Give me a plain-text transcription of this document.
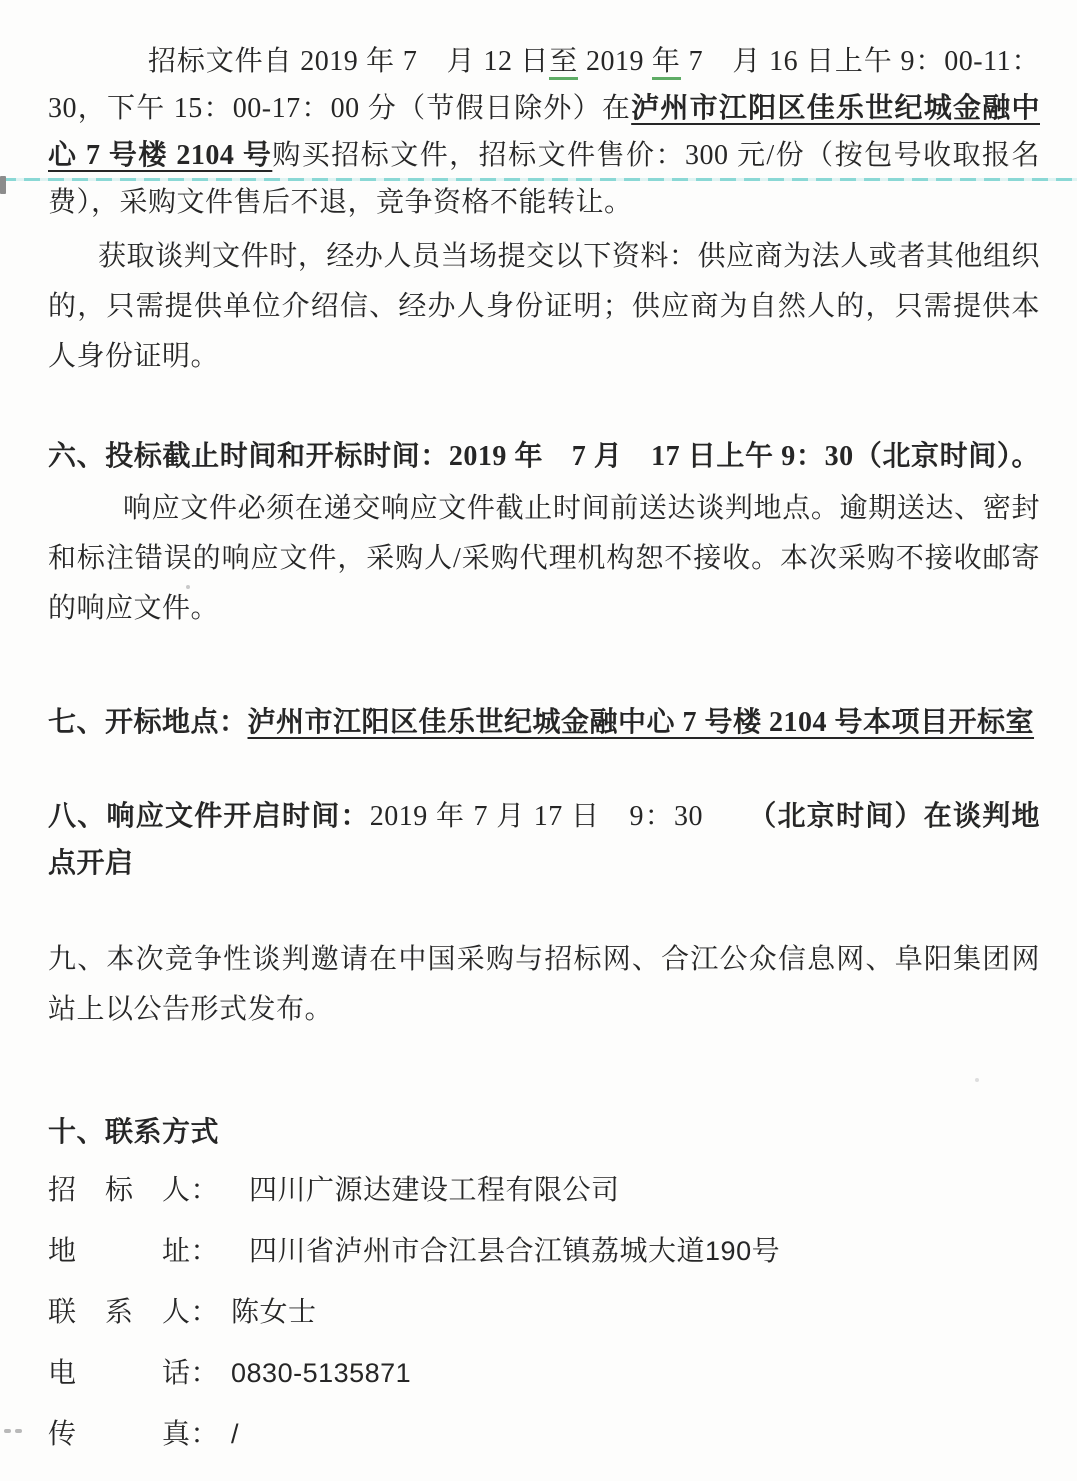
招标文件自 2019 年 7　月 12 日至 2019 年 7　月 16 日上午 9：00-11：30，下午 15：00-17：00 分（节假日除外）在泸州市江阳区佳乐世纪城金融中心 7 号楼 2104 号购买招标文件，招标文件售价：300 元/份（按包号收取报名费），采购文件售后不退，竞争资格不能转让。

获取谈判文件时，经办人员当场提交以下资料：供应商为法人或者其他组织的，只需提供单位介绍信、经办人身份证明；供应商为自然人的，只需提供本人身份证明。

六、投标截止时间和开标时间：2019 年　7 月　17 日上午 9：30（北京时间）。

响应文件必须在递交响应文件截止时间前送达谈判地点。逾期送达、密封和标注错误的响应文件，采购人/采购代理机构恕不接收。本次采购不接收邮寄的响应文件。

七、开标地点：泸州市江阳区佳乐世纪城金融中心 7 号楼 2104 号本项目开标室

八、响应文件开启时间：2019 年 7 月 17 日　9：30　　（北京时间）在谈判地点开启

九、本次竞争性谈判邀请在中国采购与招标网、合江公众信息网、阜阳集团网站上以公告形式发布。

十、联系方式

招　标　人： 四川广源达建设工程有限公司

地　　　址： 四川省泸州市合江县合江镇荔城大道190号

联　系　人： 陈女士

电　　　话： 0830-5135871

传　　　真： /
